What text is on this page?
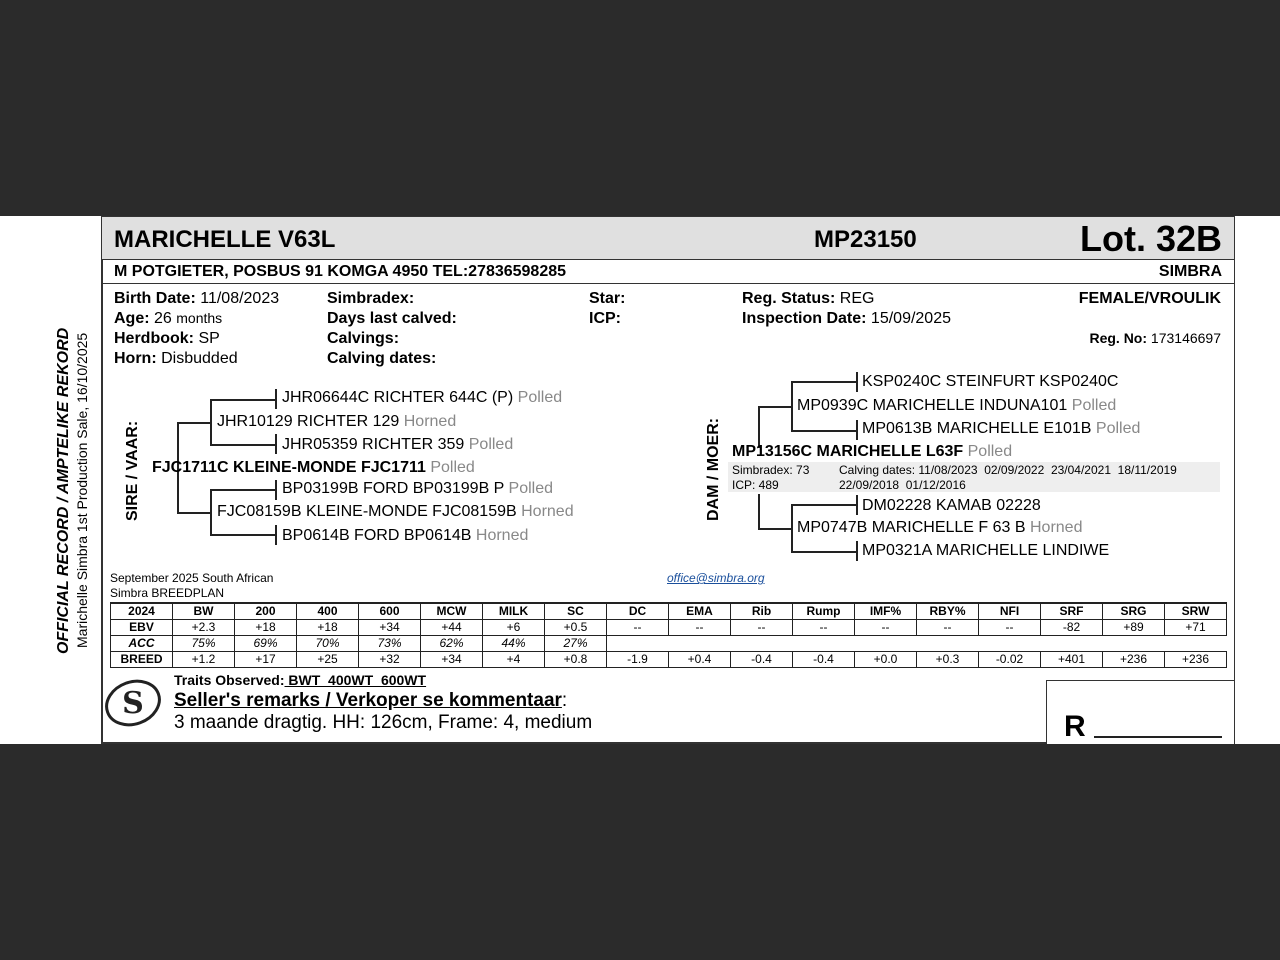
MARICHELLE V63L	MP23150	Lot. 32B
M POTGIETER, POSBUS 91 KOMGA 4950 TEL:27836598285	SIMBRA
Birth Date: 11/08/2023
Age: 26 months
Herdbook: SP
Horn: Disbudded
Simbradex:
Days last calved:
Calvings:
Calving dates:
Star:
ICP:
Reg. Status: REG
Inspection Date: 15/09/2025
FEMALE/VROULIK
Reg. No: 173146697
OFFICIAL RECORD / AMPTELIKE REKORD Marichelle Simbra 1st Production Sale, 16/10/2025 SIRE / VAAR:
JHR06644C RICHTER 644C (P) Polled
JHR10129 RICHTER 129 Horned
JHR05359 RICHTER 359 Polled
FJC1711C KLEINE-MONDE FJC1711 Polled
BP03199B FORD BP03199B P Polled
FJC08159B KLEINE-MONDE FJC08159B Horned
BP0614B FORD BP0614B Horned
DAM / MOER:
KSP0240C STEINFURT KSP0240C
MP0939C MARICHELLE INDUNA101 Polled
MP0613B MARICHELLE E101B Polled
MP13156C MARICHELLE L63F Polled
Simbradex: 73
ICP: 489
Calving dates: 11/08/2023  02/09/2022  23/04/2021  18/11/2019
22/09/2018  01/12/2016
DM02228 KAMAB 02228
MP0747B MARICHELLE F 63 B Horned
MP0321A MARICHELLE LINDIWE
September 2025 South African
Simbra BREEDPLAN
office@simbra.org
2024	BW	200	400	600	MCW	MILK	SC	DC	EMA	Rib	Rump	IMF%	RBY%	NFI	SRF	SRG	SRW
EBV	+2.3	+18	+18	+34	+44	+6	+0.5	--	--	--	--	--	--	--	-82	+89	+71
ACC	75%	69%	70%	73%	62%	44%	27%										
BREED	+1.2	+17	+25	+32	+34	+4	+0.8	-1.9	+0.4	-0.4	-0.4	+0.0	+0.3	-0.02	+401	+236	+236
S
Traits Observed: BWT  400WT  600WT
Seller's remarks / Verkoper se kommentaar:
3 maande dragtig. HH: 126cm, Frame: 4, medium	R
